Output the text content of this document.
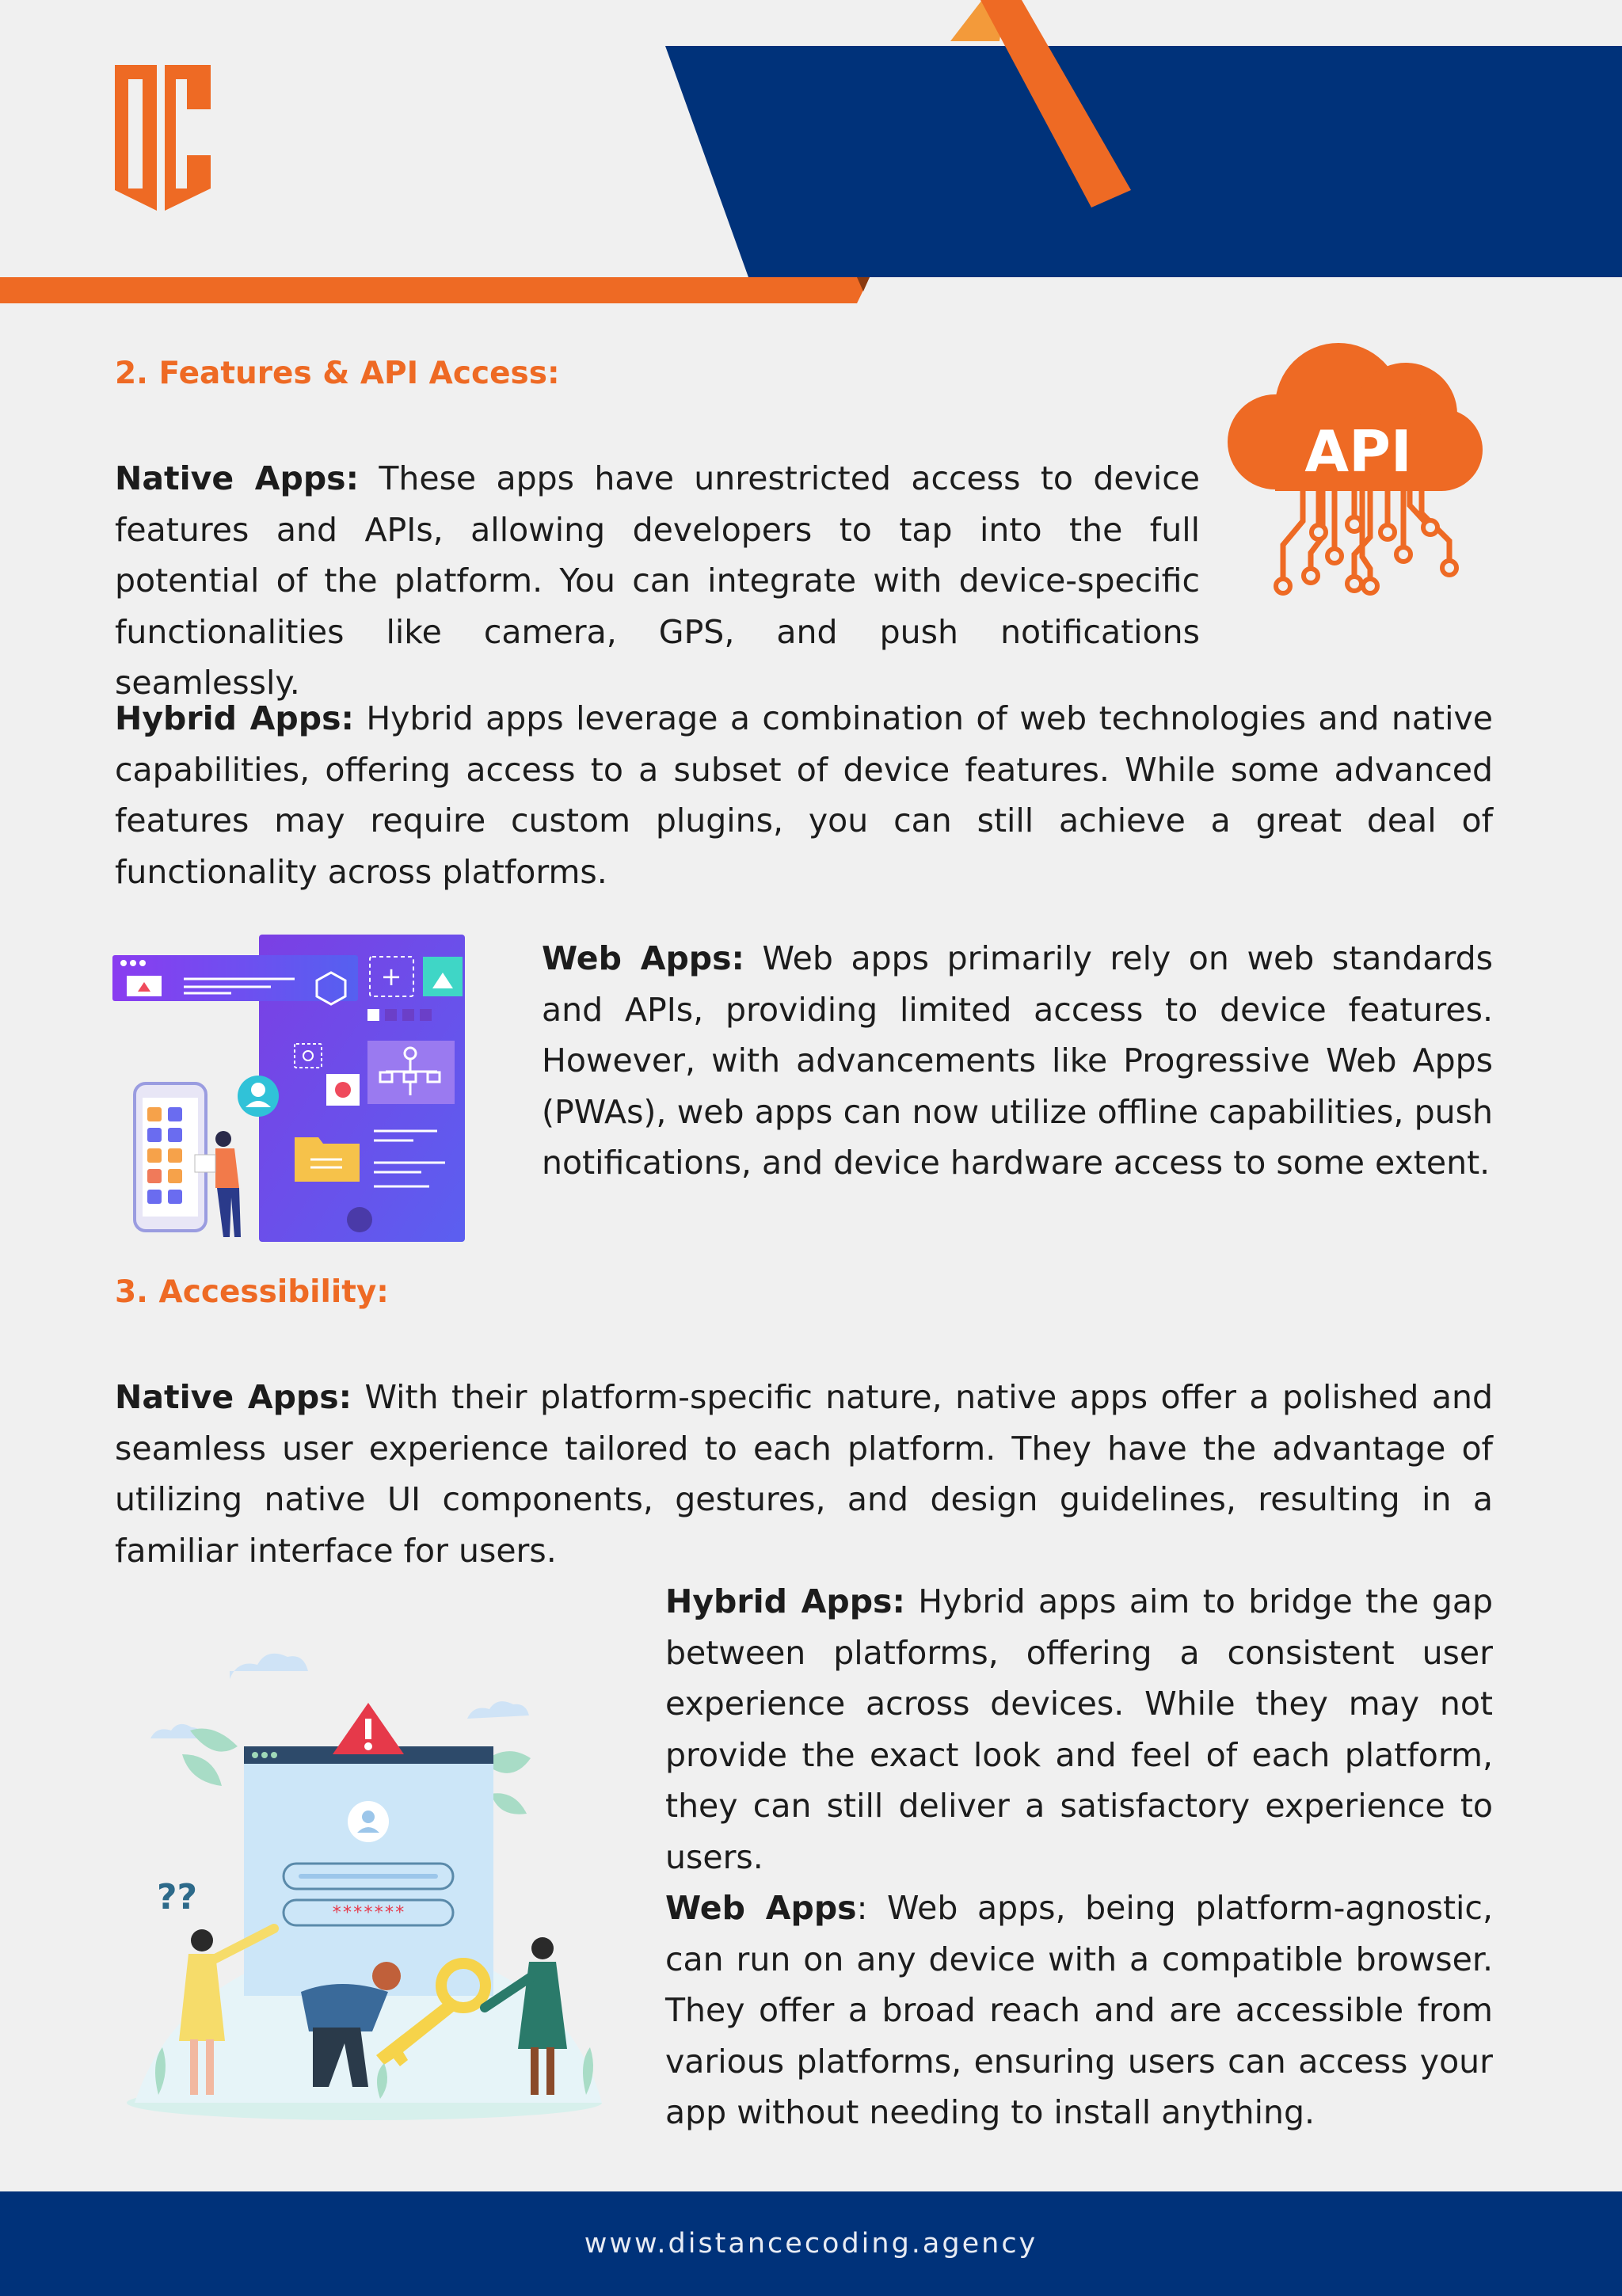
2. Features & API Access:
API

Native Apps: These apps have unrestricted access to device features and APIs, allowing developers to tap into the full potential of the platform. You can integrate with device-specific functionalities like camera, GPS, and push notifications seamlessly.

Hybrid Apps: Hybrid apps leverage a combination of web technologies and native capabilities, offering access to a subset of device features. While some advanced features may require custom plugins, you can still achieve a great deal of functionality across platforms.

+	Web Apps: Web apps primarily rely on web standards and APIs, providing limited access to device features. However, with advancements like Progressive Web Apps (PWAs), web apps can now utilize offline capabilities, push notifications, and device hardware access to some extent.

3. Accessibility:

Native Apps: With their platform-specific nature, native apps offer a polished and seamless user experience tailored to each platform. They have the advantage of utilizing native UI components, gestures, and design guidelines, resulting in a familiar interface for users.

*******
??

Hybrid Apps: Hybrid apps aim to bridge the gap between platforms, offering a consistent user experience across devices. While they may not provide the exact look and feel of each platform, they can still deliver a satisfactory experience to users.

Web Apps: Web apps, being platform-agnostic, can run on any device with a compatible browser. They offer a broad reach and are accessible from various platforms, ensuring users can access your app without needing to install anything.

www.distancecoding.agency
